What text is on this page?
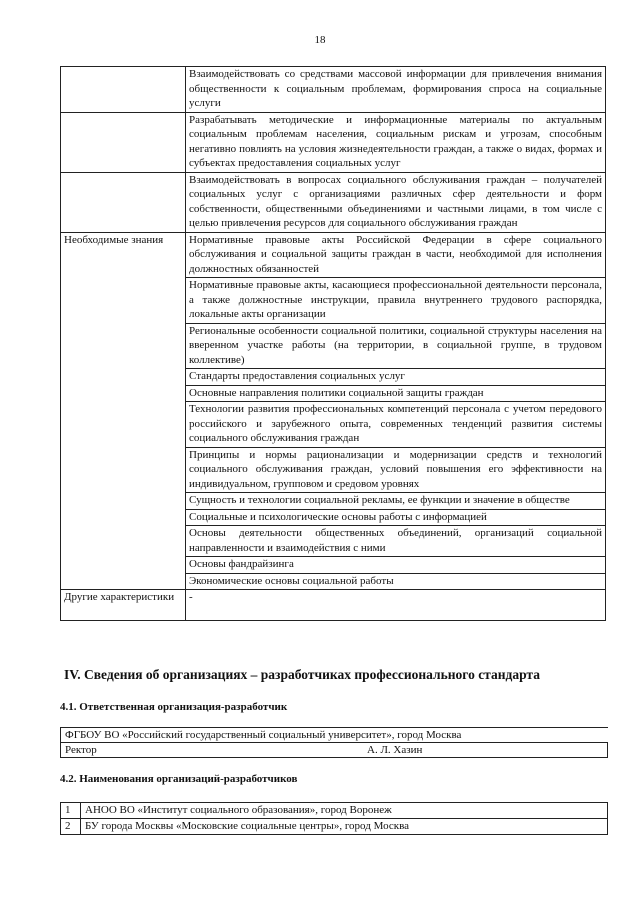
18
	Взаимодействовать со средствами массовой информации для привлечения внимания общественности к социальным проблемам, формирования спроса на социальные услуги
	Разрабатывать методические и информационные материалы по актуальным социальным проблемам населения, социальным рискам и угрозам, способным негативно повлиять на условия жизнедеятельности граждан, а также о видах, формах и субъектах предоставления социальных услуг
	Взаимодействовать в вопросах социального обслуживания граждан – получателей социальных услуг с организациями различных сфер деятельности и форм собственности, общественными объединениями и частными лицами, в том числе с целью привлечения ресурсов для социального обслуживания граждан
Необходимые знания	Нормативные правовые акты Российской Федерации в сфере социального обслуживания и социальной защиты граждан в части, необходимой для исполнения должностных обязанностей
	Нормативные правовые акты, касающиеся профессиональной деятельности персонала, а также должностные инструкции, правила внутреннего трудового распорядка, локальные акты организации
	Региональные особенности социальной политики, социальной структуры населения на вверенном участке работы (на территории, в социальной группе, в трудовом коллективе)
	Стандарты предоставления социальных услуг
	Основные направления политики социальной защиты граждан
	Технологии развития профессиональных компетенций персонала с учетом передового российского и зарубежного опыта, современных тенденций развития системы социального обслуживания граждан
	Принципы и нормы рационализации и модернизации средств и технологий социального обслуживания граждан, условий повышения его эффективности на индивидуальном, групповом и средовом уровнях
	Сущность и технологии социальной рекламы, ее функции и значение в обществе
	Социальные и психологические основы работы с информацией
	Основы деятельности общественных объединений, организаций социальной направленности и взаимодействия с ними
	Основы фандрайзинга
	Экономические основы социальной работы
Другие характеристики	-
IV. Сведения об организациях – разработчиках профессионального стандарта
4.1. Ответственная организация-разработчик
ФГБОУ ВО «Российский государственный социальный университет», город Москва
Ректор	А. Л. Хазин
4.2. Наименования организаций-разработчиков
1	АНОО ВО «Институт социального образования», город Воронеж
2	БУ города Москвы «Московские социальные центры», город Москва
